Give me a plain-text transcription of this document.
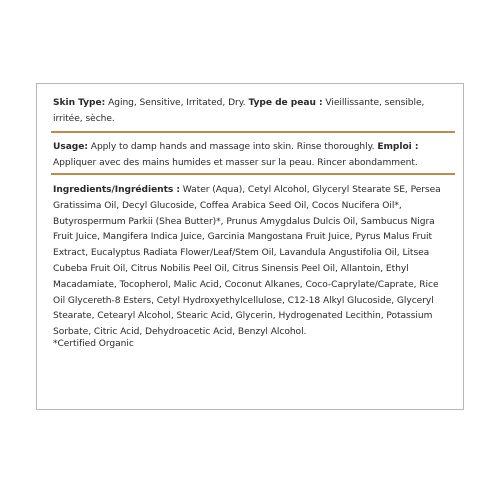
Skin Type: Aging, Sensitive, Irritated, Dry. Type de peau : Vieillissante, sensible, irritée, sèche.
Usage: Apply to damp hands and massage into skin. Rinse thoroughly. Emploi : Appliquer avec des mains humides et masser sur la peau. Rincer abondamment.
Ingredients/Ingrédients : Water (Aqua), Cetyl Alcohol, Glyceryl Stearate SE, Persea Gratissima Oil, Decyl Glucoside, Coffea Arabica Seed Oil, Cocos Nucifera Oil*, Butyrospermum Parkii (Shea Butter)*, Prunus Amygdalus Dulcis Oil, Sambucus Nigra Fruit Juice, Mangifera Indica Juice, Garcinia Mangostana Fruit Juice, Pyrus Malus Fruit Extract, Eucalyptus Radiata Flower/Leaf/Stem Oil, Lavandula Angustifolia Oil, Litsea Cubeba Fruit Oil, Citrus Nobilis Peel Oil, Citrus Sinensis Peel Oil, Allantoin, Ethyl Macadamiate, Tocopherol, Malic Acid, Coconut Alkanes, Coco-Caprylate/Caprate, Rice Oil Glycereth-8 Esters, Cetyl Hydroxyethylcellulose, C12-18 Alkyl Glucoside, Glyceryl Stearate, Cetearyl Alcohol, Stearic Acid, Glycerin, Hydrogenated Lecithin, Potassium Sorbate, Citric Acid, Dehydroacetic Acid, Benzyl Alcohol.
*Certified Organic
